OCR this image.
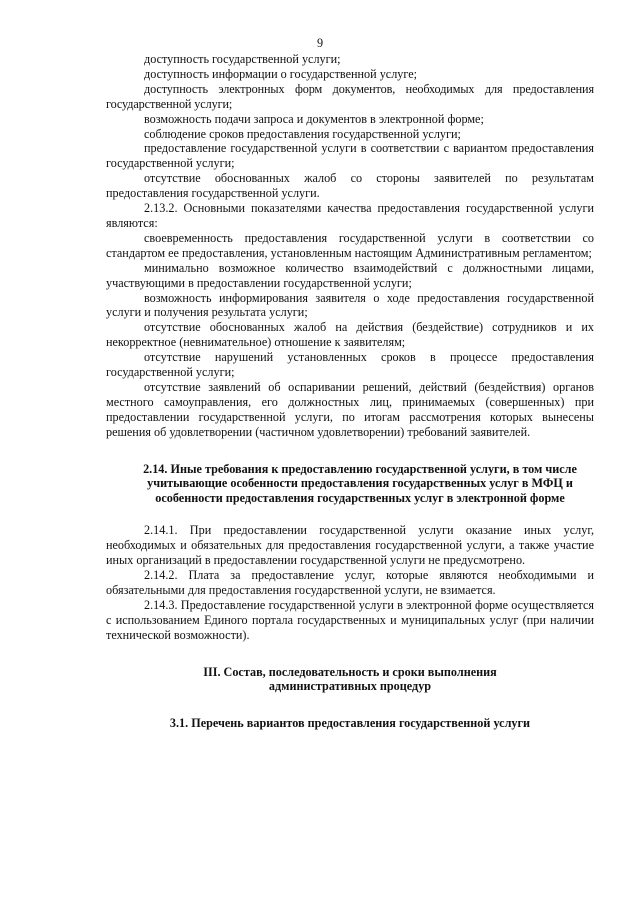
9

доступность государственной услуги;

доступность информации о государственной услуге;

доступность электронных форм документов, необходимых для предоставления государственной услуги;

возможность подачи запроса и документов в электронной форме;

соблюдение сроков предоставления государственной услуги;

предоставление государственной услуги в соответствии с вариантом предоставления государственной услуги;

отсутствие обоснованных жалоб со стороны заявителей по результатам предоставления государственной услуги.

2.13.2. Основными показателями качества предоставления государственной услуги являются:

своевременность предоставления государственной услуги в соответствии со стандартом ее предоставления, установленным настоящим Административным регламентом;

минимально возможное количество взаимодействий с должностными лицами, участвующими в предоставлении государственной услуги;

возможность информирования заявителя о ходе предоставления государственной услуги и получения результата услуги;

отсутствие обоснованных жалоб на действия (бездействие) сотрудников и их некорректное (невнимательное) отношение к заявителям;

отсутствие нарушений установленных сроков в процессе предоставления государственной услуги;

отсутствие заявлений об оспаривании решений, действий (бездействия) органов местного самоуправления, его должностных лиц, принимаемых (совершенных) при предоставлении государственной услуги, по итогам рассмотрения которых вынесены решения об удовлетворении (частичном удовлетворении) требований заявителей.

2.14. Иные требования к предоставлению государственной услуги, в том числе учитывающие особенности предоставления государственных услуг в МФЦ и особенности предоставления государственных услуг в электронной форме

2.14.1. При предоставлении государственной услуги оказание иных услуг, необходимых и обязательных для предоставления государственной услуги, а также участие иных организаций в предоставлении государственной услуги не предусмотрено.

2.14.2. Плата за предоставление услуг, которые являются необходимыми и обязательными для предоставления государственной услуги, не взимается.

2.14.3. Предоставление государственной услуги в электронной форме осуществляется с использованием Единого портала государственных и муниципальных услуг (при наличии технической возможности).

III. Состав, последовательность и сроки выполнения административных процедур

3.1. Перечень вариантов предоставления государственной услуги
